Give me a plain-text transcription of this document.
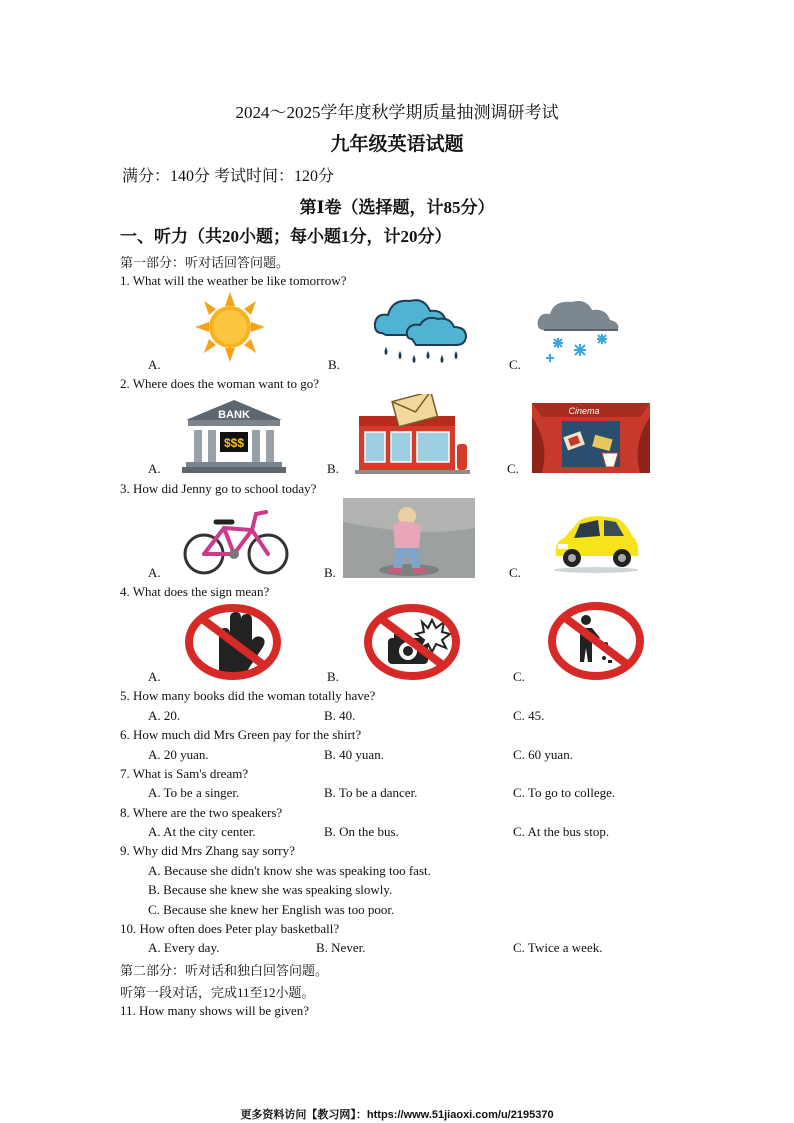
2024～2025学年度秋学期质量抽测调研考试
九年级英语试题
满分：140分 考试时间：120分
第Ⅰ卷（选择题，计85分）
一、听力（共20小题；每小题1分，计20分）
第一部分：听对话回答问题。
1. What will the weather be like tomorrow?
A.	B.	C.
2. Where does the woman want to go?
A.	B.	C.
BANK
$$$
Cinema
3. How did Jenny go to school today?
A.	B.	C.
4. What does the sign mean?
A.	B.	C.
5. How many books did the woman totally have?
A. 20.	B. 40.	C. 45.
6. How much did Mrs Green pay for the shirt?
A. 20 yuan.	B. 40 yuan.	C. 60 yuan.
7. What is Sam's dream?
A. To be a singer.	B. To be a dancer.	C. To go to college.
8. Where are the two speakers?
A. At the city center.	B. On the bus.	C. At the bus stop.
9. Why did Mrs Zhang say sorry?
A. Because she didn't know she was speaking too fast.
B. Because she knew she was speaking slowly.
C. Because she knew her English was too poor.
10. How often does Peter play basketball?
A. Every day.	B. Never.	C. Twice a week.
第二部分：听对话和独白回答问题。
听第一段对话，完成11至12小题。
11. How many shows will be given?
更多资料访问【教习网】：https://www.51jiaoxi.com/u/2195370
